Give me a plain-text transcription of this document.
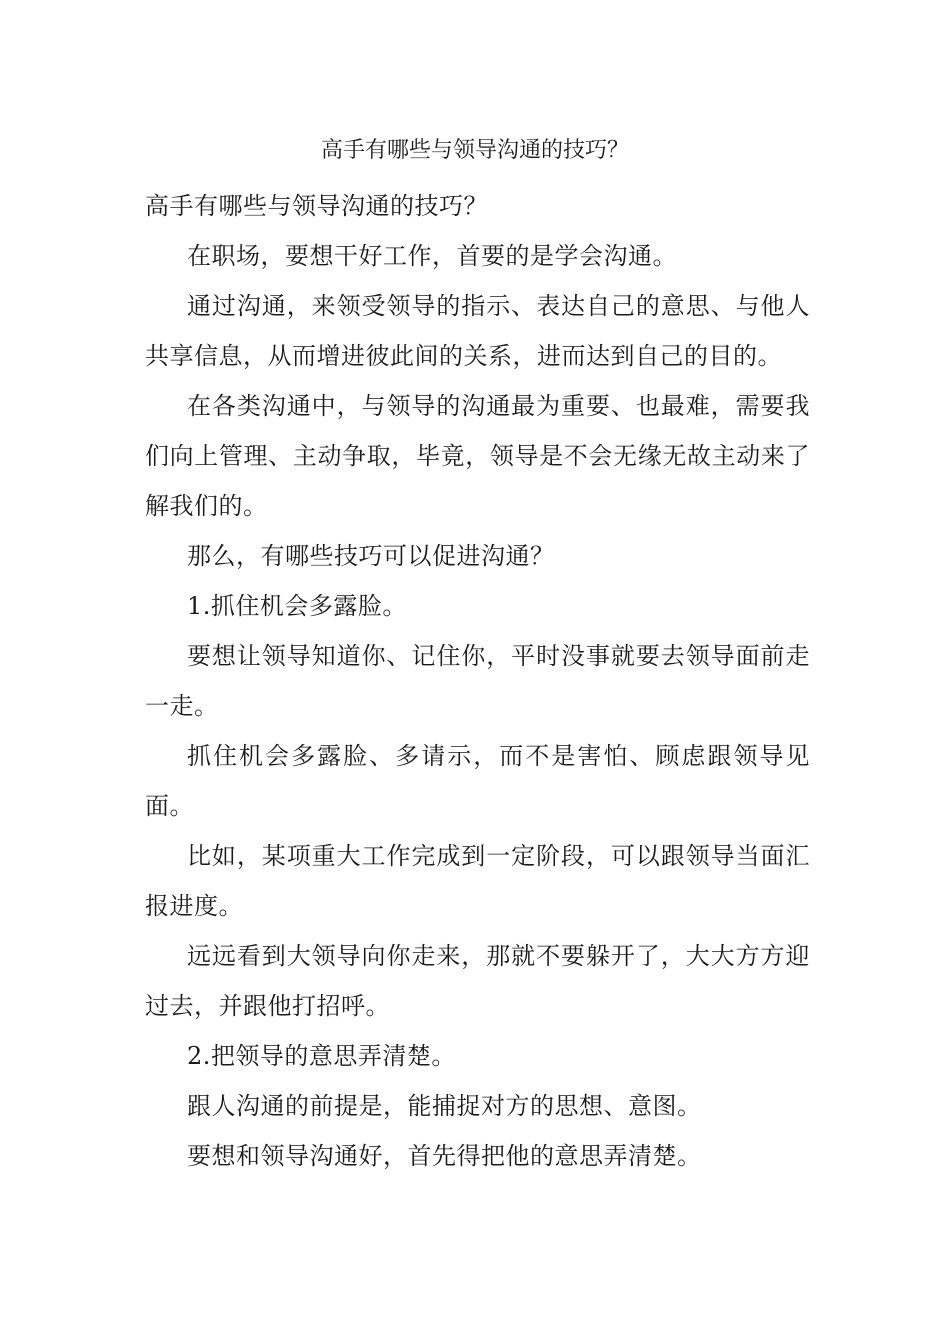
高手有哪些与领导沟通的技巧？

高手有哪些与领导沟通的技巧？

在职场，要想干好工作，首要的是学会沟通。

通过沟通，来领受领导的指示、表达自己的意思、与他人共享信息，从而增进彼此间的关系，进而达到自己的目的。

在各类沟通中，与领导的沟通最为重要、也最难，需要我们向上管理、主动争取，毕竟，领导是不会无缘无故主动来了解我们的。

那么，有哪些技巧可以促进沟通？

1.抓住机会多露脸。

要想让领导知道你、记住你，平时没事就要去领导面前走一走。

抓住机会多露脸、多请示，而不是害怕、顾虑跟领导见面。

比如，某项重大工作完成到一定阶段，可以跟领导当面汇报进度。

远远看到大领导向你走来，那就不要躲开了，大大方方迎过去，并跟他打招呼。

2.把领导的意思弄清楚。

跟人沟通的前提是，能捕捉对方的思想、意图。

要想和领导沟通好，首先得把他的意思弄清楚。
